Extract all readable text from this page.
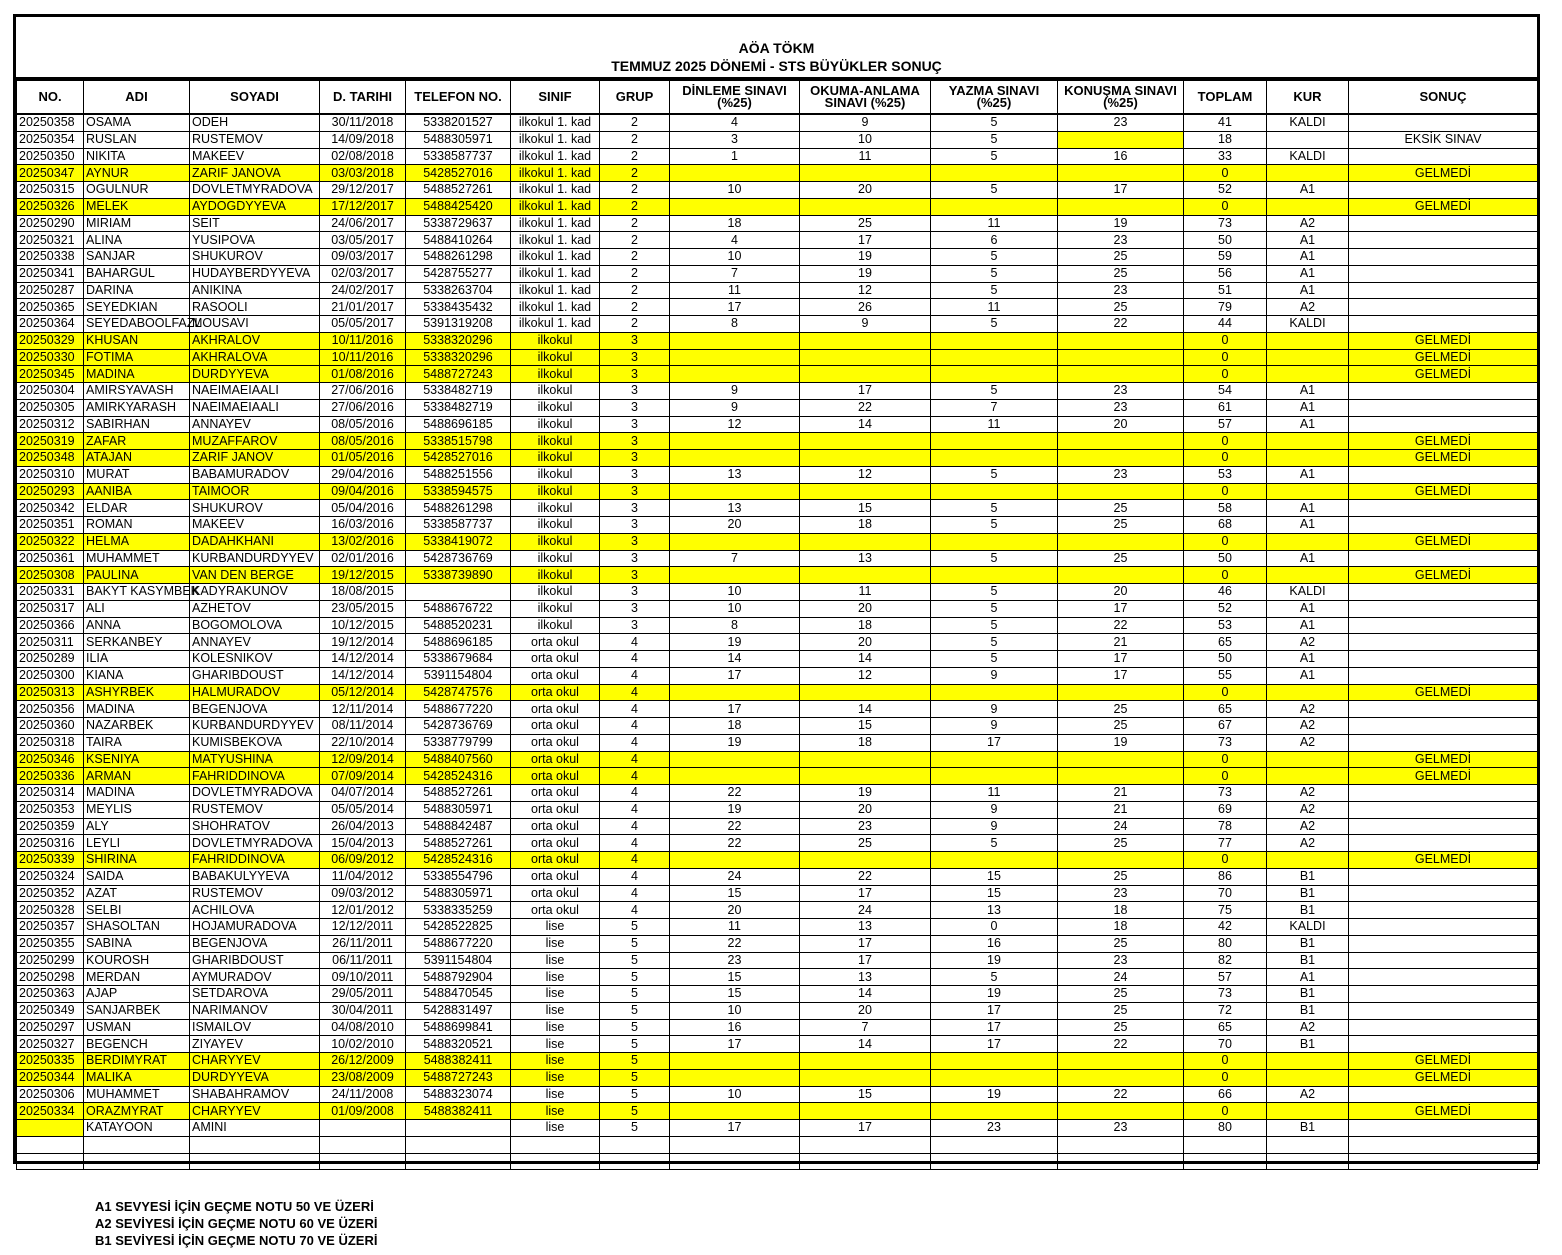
AÖA TÖKM
TEMMUZ 2025 DÖNEMİ - STS BÜYÜKLER SONUÇ
NO.	ADI	SOYADI	D. TARIHI	TELEFON NO.	SINIF	GRUP	DİNLEME SINAVI (%25)	OKUMA-ANLAMA SINAVI (%25)	YAZMA SINAVI (%25)	KONUŞMA SINAVI (%25)	TOPLAM	KUR	SONUÇ
20250358	OSAMA	ODEH	30/11/2018	5338201527	ilkokul 1. kad	2	4	9	5	23	41	KALDI	
20250354	RUSLAN	RUSTEMOV	14/09/2018	5488305971	ilkokul 1. kad	2	3	10	5		18		EKSİK SINAV
20250350	NIKITA	MAKEEV	02/08/2018	5338587737	ilkokul 1. kad	2	1	11	5	16	33	KALDI	
20250347	AYNUR	ZARIF JANOVA	03/03/2018	5428527016	ilkokul 1. kad	2					0		GELMEDİ
20250315	OGULNUR	DOVLETMYRADOVA	29/12/2017	5488527261	ilkokul 1. kad	2	10	20	5	17	52	A1	
20250326	MELEK	AYDOGDYYEVA	17/12/2017	5488425420	ilkokul 1. kad	2					0		GELMEDİ
20250290	MIRIAM	SEIT	24/06/2017	5338729637	ilkokul 1. kad	2	18	25	11	19	73	A2	
20250321	ALINA	YUSIPOVA	03/05/2017	5488410264	ilkokul 1. kad	2	4	17	6	23	50	A1	
20250338	SANJAR	SHUKUROV	09/03/2017	5488261298	ilkokul 1. kad	2	10	19	5	25	59	A1	
20250341	BAHARGUL	HUDAYBERDYYEVA	02/03/2017	5428755277	ilkokul 1. kad	2	7	19	5	25	56	A1	
20250287	DARINA	ANIKINA	24/02/2017	5338263704	ilkokul 1. kad	2	11	12	5	23	51	A1	
20250365	SEYEDKIAN	RASOOLI	21/01/2017	5338435432	ilkokul 1. kad	2	17	26	11	25	79	A2	
20250364	SEYEDABOOLFAZL	MOUSAVI	05/05/2017	5391319208	ilkokul 1. kad	2	8	9	5	22	44	KALDI	
20250329	KHUSAN	AKHRALOV	10/11/2016	5338320296	ilkokul	3					0		GELMEDİ
20250330	FOTIMA	AKHRALOVA	10/11/2016	5338320296	ilkokul	3					0		GELMEDİ
20250345	MADINA	DURDYYEVA	01/08/2016	5488727243	ilkokul	3					0		GELMEDİ
20250304	AMIRSYAVASH	NAEIMAEIAALI	27/06/2016	5338482719	ilkokul	3	9	17	5	23	54	A1	
20250305	AMIRKYARASH	NAEIMAEIAALI	27/06/2016	5338482719	ilkokul	3	9	22	7	23	61	A1	
20250312	SABIRHAN	ANNAYEV	08/05/2016	5488696185	ilkokul	3	12	14	11	20	57	A1	
20250319	ZAFAR	MUZAFFAROV	08/05/2016	5338515798	ilkokul	3					0		GELMEDİ
20250348	ATAJAN	ZARIF JANOV	01/05/2016	5428527016	ilkokul	3					0		GELMEDİ
20250310	MURAT	BABAMURADOV	29/04/2016	5488251556	ilkokul	3	13	12	5	23	53	A1	
20250293	AANIBA	TAIMOOR	09/04/2016	5338594575	ilkokul	3					0		GELMEDİ
20250342	ELDAR	SHUKUROV	05/04/2016	5488261298	ilkokul	3	13	15	5	25	58	A1	
20250351	ROMAN	MAKEEV	16/03/2016	5338587737	ilkokul	3	20	18	5	25	68	A1	
20250322	HELMA	DADAHKHANI	13/02/2016	5338419072	ilkokul	3					0		GELMEDİ
20250361	MUHAMMET	KURBANDURDYYEV	02/01/2016	5428736769	ilkokul	3	7	13	5	25	50	A1	
20250308	PAULINA	VAN DEN BERGE	19/12/2015	5338739890	ilkokul	3					0		GELMEDİ
20250331	BAKYT KASYMBEK	KADYRAKUNOV	18/08/2015		ilkokul	3	10	11	5	20	46	KALDI	
20250317	ALI	AZHETOV	23/05/2015	5488676722	ilkokul	3	10	20	5	17	52	A1	
20250366	ANNA	BOGOMOLOVA	10/12/2015	5488520231	ilkokul	3	8	18	5	22	53	A1	
20250311	SERKANBEY	ANNAYEV	19/12/2014	5488696185	orta okul	4	19	20	5	21	65	A2	
20250289	ILIA	KOLESNIKOV	14/12/2014	5338679684	orta okul	4	14	14	5	17	50	A1	
20250300	KIANA	GHARIBDOUST	14/12/2014	5391154804	orta okul	4	17	12	9	17	55	A1	
20250313	ASHYRBEK	HALMURADOV	05/12/2014	5428747576	orta okul	4					0		GELMEDİ
20250356	MADINA	BEGENJOVA	12/11/2014	5488677220	orta okul	4	17	14	9	25	65	A2	
20250360	NAZARBEK	KURBANDURDYYEV	08/11/2014	5428736769	orta okul	4	18	15	9	25	67	A2	
20250318	TAIRA	KUMISBEKOVA	22/10/2014	5338779799	orta okul	4	19	18	17	19	73	A2	
20250346	KSENIYA	MATYUSHINA	12/09/2014	5488407560	orta okul	4					0		GELMEDİ
20250336	ARMAN	FAHRIDDINOVA	07/09/2014	5428524316	orta okul	4					0		GELMEDİ
20250314	MADINA	DOVLETMYRADOVA	04/07/2014	5488527261	orta okul	4	22	19	11	21	73	A2	
20250353	MEYLIS	RUSTEMOV	05/05/2014	5488305971	orta okul	4	19	20	9	21	69	A2	
20250359	ALY	SHOHRATOV	26/04/2013	5488842487	orta okul	4	22	23	9	24	78	A2	
20250316	LEYLI	DOVLETMYRADOVA	15/04/2013	5488527261	orta okul	4	22	25	5	25	77	A2	
20250339	SHIRINA	FAHRIDDINOVA	06/09/2012	5428524316	orta okul	4					0		GELMEDİ
20250324	SAIDA	BABAKULYYEVA	11/04/2012	5338554796	orta okul	4	24	22	15	25	86	B1	
20250352	AZAT	RUSTEMOV	09/03/2012	5488305971	orta okul	4	15	17	15	23	70	B1	
20250328	SELBI	ACHILOVA	12/01/2012	5338335259	orta okul	4	20	24	13	18	75	B1	
20250357	SHASOLTAN	HOJAMURADOVA	12/12/2011	5428522825	lise	5	11	13	0	18	42	KALDI	
20250355	SABINA	BEGENJOVA	26/11/2011	5488677220	lise	5	22	17	16	25	80	B1	
20250299	KOUROSH	GHARIBDOUST	06/11/2011	5391154804	lise	5	23	17	19	23	82	B1	
20250298	MERDAN	AYMURADOV	09/10/2011	5488792904	lise	5	15	13	5	24	57	A1	
20250363	AJAP	SETDAROVA	29/05/2011	5488470545	lise	5	15	14	19	25	73	B1	
20250349	SANJARBEK	NARIMANOV	30/04/2011	5428831497	lise	5	10	20	17	25	72	B1	
20250297	USMAN	ISMAILOV	04/08/2010	5488699841	lise	5	16	7	17	25	65	A2	
20250327	BEGENCH	ZIYAYEV	10/02/2010	5488320521	lise	5	17	14	17	22	70	B1	
20250335	BERDIMYRAT	CHARYYEV	26/12/2009	5488382411	lise	5					0		GELMEDİ
20250344	MALIKA	DURDYYEVA	23/08/2009	5488727243	lise	5					0		GELMEDİ
20250306	MUHAMMET	SHABAHRAMOV	24/11/2008	5488323074	lise	5	10	15	19	22	66	A2	
20250334	ORAZMYRAT	CHARYYEV	01/09/2008	5488382411	lise	5					0		GELMEDİ
	KATAYOON	AMINI			lise	5	17	17	23	23	80	B1	

A1 SEVYESİ İÇİN GEÇME NOTU 50 VE ÜZERİ
A2 SEVİYESİ İÇİN GEÇME NOTU 60 VE ÜZERİ
B1 SEVİYESİ İÇİN GEÇME NOTU 70 VE ÜZERİ
